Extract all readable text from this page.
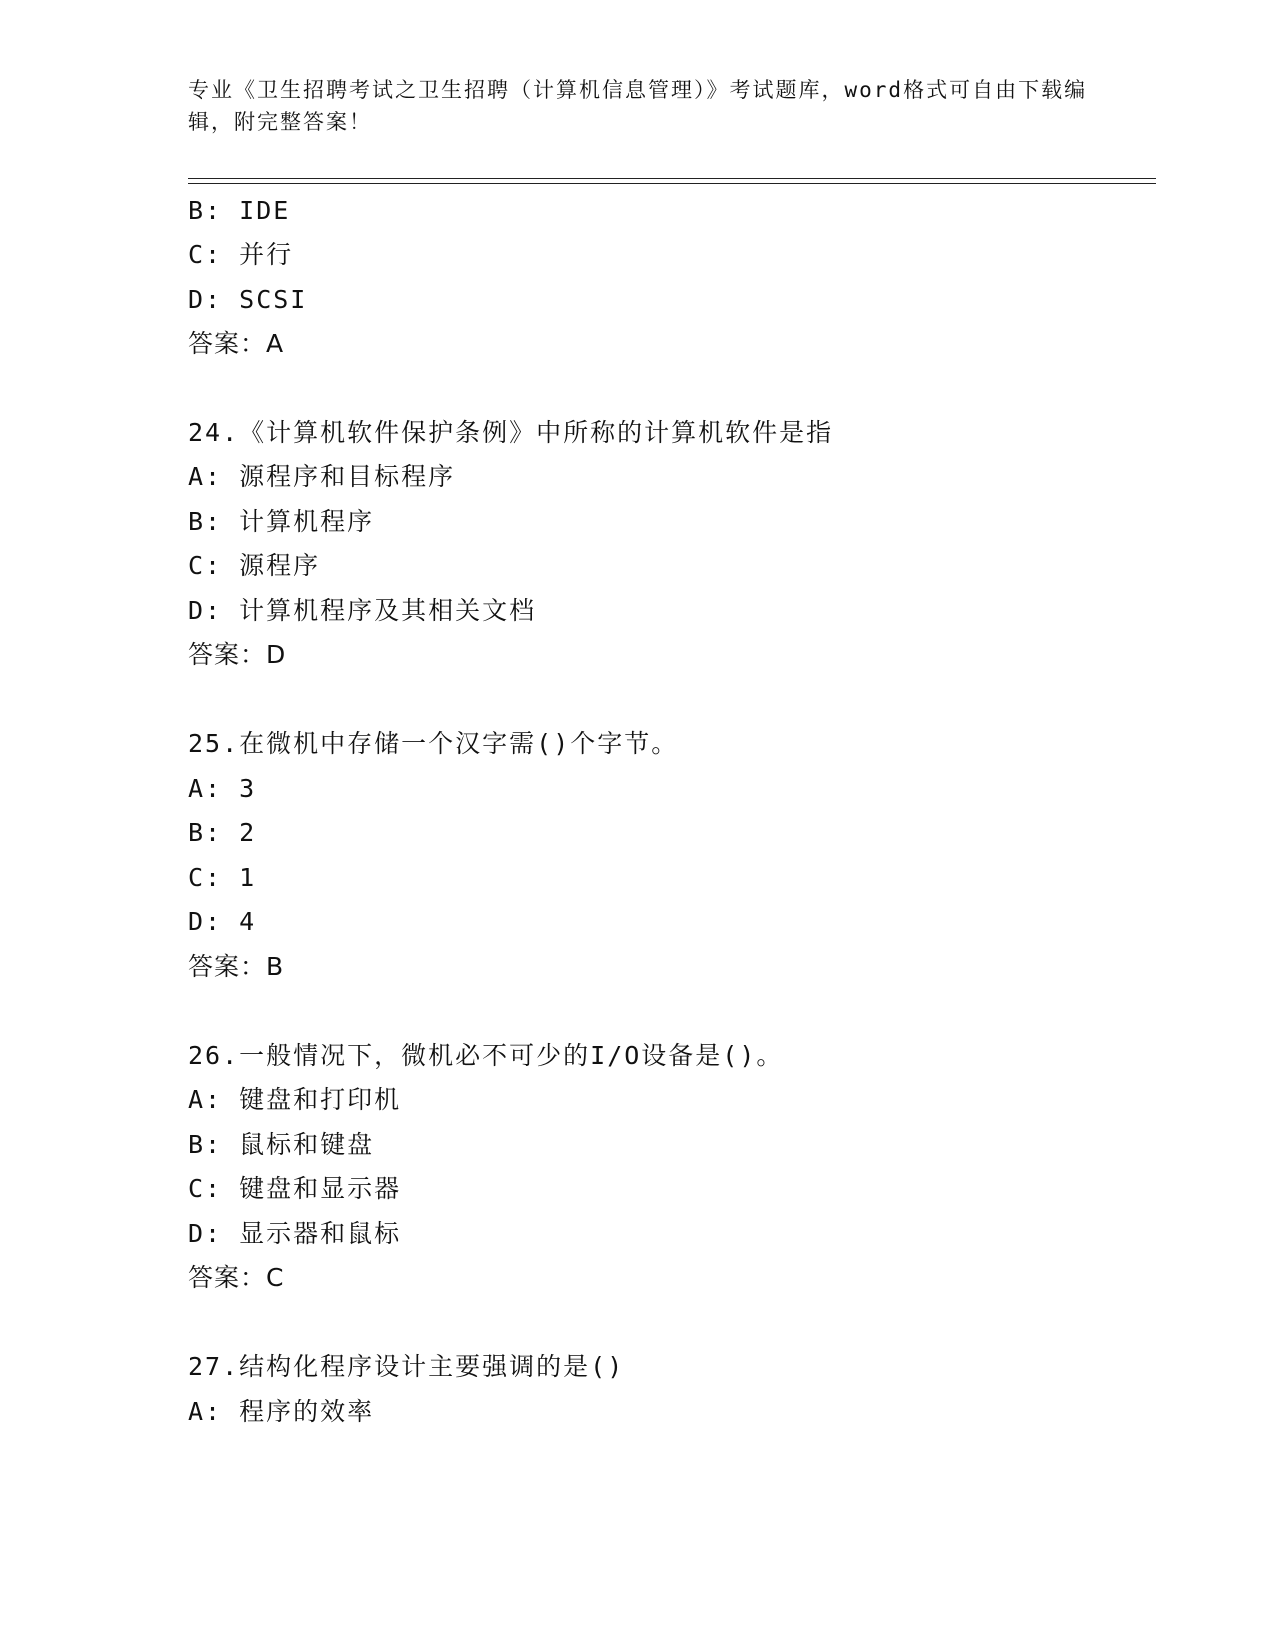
专业《卫生招聘考试之卫生招聘（计算机信息管理）》考试题库，word格式可自由下载编辑，附完整答案！

B: IDE

C: 并行

D: SCSI

答案：A

24.《计算机软件保护条例》中所称的计算机软件是指

A: 源程序和目标程序

B: 计算机程序

C: 源程序

D: 计算机程序及其相关文档

答案：D

25.在微机中存储一个汉字需()个字节。

A: 3

B: 2

C: 1

D: 4

答案：B

26.一般情况下，微机必不可少的I/O设备是()。

A: 键盘和打印机

B: 鼠标和键盘

C: 键盘和显示器

D: 显示器和鼠标

答案：C

27.结构化程序设计主要强调的是()

A: 程序的效率
